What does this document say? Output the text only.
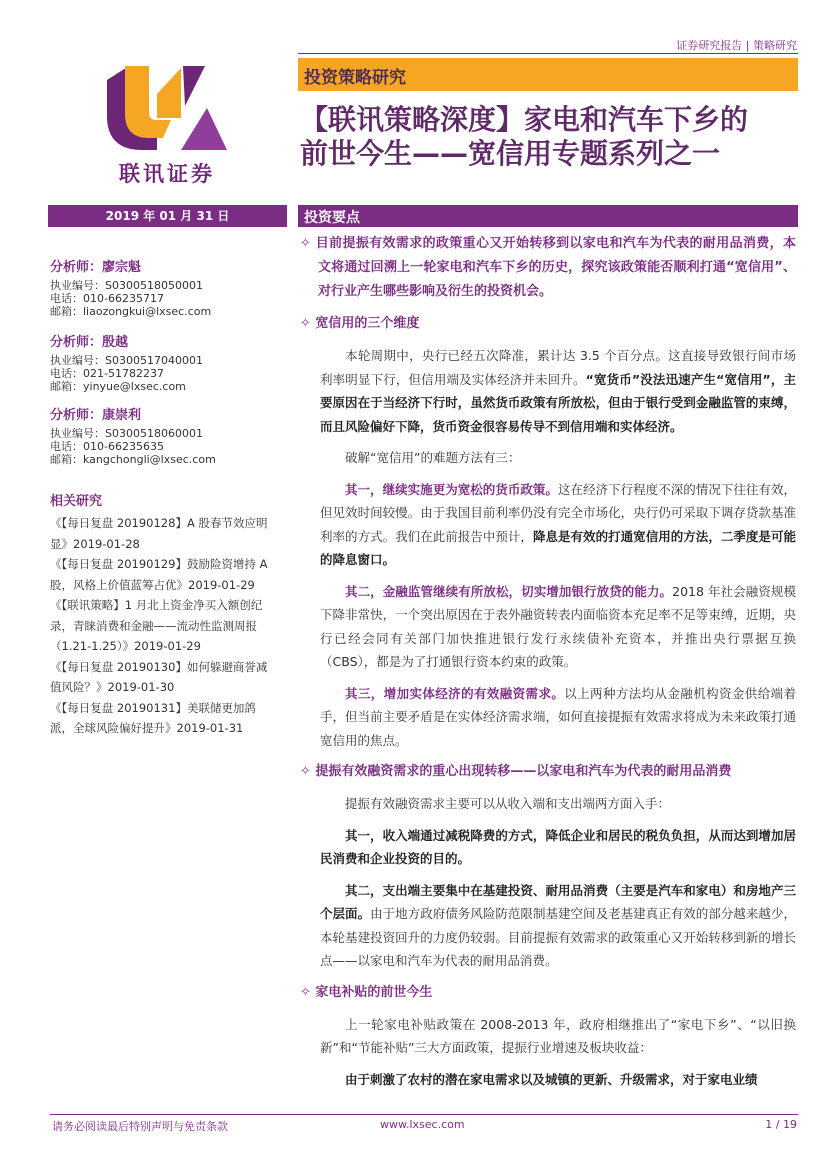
证券研究报告 | 策略研究
联讯证券
投资策略研究
【联讯策略深度】家电和汽车下乡的
前世今生——宽信用专题系列之一
2019 年 01 月 31 日	投资要点
分析师：廖宗魁
执业编号：S0300518050001
电话：010-66235717
邮箱：liaozongkui@lxsec.com
分析师：殷越
执业编号：S0300517040001
电话：021-51782237
邮箱：yinyue@lxsec.com
分析师：康崇利
执业编号：S0300518060001
电话：010-66235635
邮箱：kangchongli@lxsec.com
相关研究
《【每日复盘 20190128】A 股春节效应明
显》2019-01-28
《【每日复盘 20190129】鼓励险资增持 A
股，风格上价值蓝筹占优》2019-01-29
《【联讯策略】1 月北上资金净买入额创纪
录，青睐消费和金融——流动性监测周报
（1.21-1.25）》2019-01-29
《【每日复盘 20190130】如何躲避商誉减
值风险？》2019-01-30
《【每日复盘 20190131】美联储更加鸽
派，全球风险偏好提升》2019-01-31
✧ 目前提振有效需求的政策重心又开始转移到以家电和汽车为代表的耐用品消费，本文将通过回溯上一轮家电和汽车下乡的历史，探究该政策能否顺利打通“宽信用”、对行业产生哪些影响及衍生的投资机会。
✧ 宽信用的三个维度
本轮周期中，央行已经五次降准，累计达 3.5 个百分点。这直接导致银行间市场利率明显下行，但信用端及实体经济并未回升。“宽货币”没法迅速产生“宽信用”，主要原因在于当经济下行时，虽然货币政策有所放松，但由于银行受到金融监管的束缚，而且风险偏好下降，货币资金很容易传导不到信用端和实体经济。
破解“宽信用”的难题方法有三：
其一，继续实施更为宽松的货币政策。这在经济下行程度不深的情况下往往有效，但见效时间较慢。由于我国目前利率仍没有完全市场化，央行仍可采取下调存贷款基准利率的方式。我们在此前报告中预计，降息是有效的打通宽信用的方法，二季度是可能的降息窗口。
其二，金融监管继续有所放松，切实增加银行放贷的能力。2018 年社会融资规模下降非常快，一个突出原因在于表外融资转表内面临资本充足率不足等束缚，近期，央行已经会同有关部门加快推进银行发行永续债补充资本，并推出央行票据互换（CBS），都是为了打通银行资本约束的政策。
其三，增加实体经济的有效融资需求。以上两种方法均从金融机构资金供给端着手，但当前主要矛盾是在实体经济需求端，如何直接提振有效需求将成为未来政策打通宽信用的焦点。
✧ 提振有效融资需求的重心出现转移——以家电和汽车为代表的耐用品消费
提振有效融资需求主要可以从收入端和支出端两方面入手：
其一，收入端通过减税降费的方式，降低企业和居民的税负负担，从而达到增加居民消费和企业投资的目的。
其二，支出端主要集中在基建投资、耐用品消费（主要是汽车和家电）和房地产三个层面。由于地方政府债务风险防范限制基建空间及老基建真正有效的部分越来越少，本轮基建投资回升的力度仍较弱。目前提振有效需求的政策重心又开始转移到新的增长点——以家电和汽车为代表的耐用品消费。
✧ 家电补贴的前世今生
上一轮家电补贴政策在 2008-2013 年，政府相继推出了“家电下乡”、“以旧换新”和“节能补贴”三大方面政策，提振行业增速及板块收益：
由于刺激了农村的潜在家电需求以及城镇的更新、升级需求，对于家电业绩
请务必阅读最后特别声明与免责条款	www.lxsec.com	1 / 19
